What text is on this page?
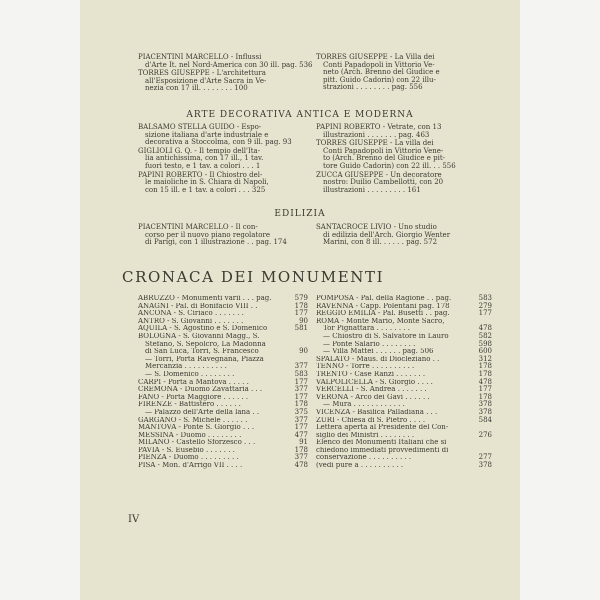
PIACENTINI MARCELLO - Influssi
d'Arte It. nel Nord-America con 30 ill. pag. 536
TORRES GIUSEPPE - L'architettura
all'Esposizione d'Arte Sacra in Ve-
nezia con 17 ill. . . . . . . . 100
TORRES GIUSEPPE - La Villa dei
Conti Papadopoli in Vittorio Ve-
neto (Arch. Brenno del Giudice e
pitt. Guido Cadorin) con 22 illu-
strazioni . . . . . . . . pag. 556
ARTE DECORATIVA ANTICA E MODERNA
BALSAMO STELLA GUIDO - Espo-
sizione italiana d'arte industriale e
decorativa a Stoccolma, con 9 ill. pag. 93
GIGLIOLI G. Q. - Il tempio dell'Ita-
lia antichissima, con 17 ill., 1 tav.
fuori testo, e 1 tav. a colori . . . 1
PAPINI ROBERTO - Il Chiostro del-
le maioliche in S. Chiara di Napoli,
con 15 ill. e 1 tav. a colori . . . 325
PAPINI ROBERTO - Vetrate, con 13
illustrazioni . . . . . . . pag. 463
TORRES GIUSEPPE - La villa dei
Conti Papadopoli in Vittorio Vene-
to (Arch. Brenno del Giudice e pit-
tore Guido Cadorin) con 22 ill. . . 556
ZUCCA GIUSEPPE - Un decoratore
nostro: Duilio Cambellotti, con 20
illustrazioni . . . . . . . . . 161
EDILIZIA
PIACENTINI MARCELLO - Il con-
corso per il nuovo piano regolatore
di Parigi, con 1 illustrazione . . pag. 174
SANTACROCE LIVIO - Uno studio
di edilizia dell'Arch. Giorgio Wenter
Marini, con 8 ill. . . . . . pag. 572
CRONACA DEI MONUMENTI
ABRUZZO - Monumenti varii . . . pag.	579
ANAGNI - Pal. di Bonifacio VIII . .	178
ANCONA - S. Ciriaco . . . . . . .	177
ANTRO - S. Giovanni . . . . . . .	90
AQUILA - S. Agostino e S. Domenico	581
BOLOGNA - S. Giovanni Magg., S.
Stefano, S. Sepolcro, La Madonna
di San Luca, Torri, S. Francesco	90
— Torri, Porta Ravegnana, Piazza
Mercanzia . . . . . . . . . .	377
— S. Domenico . . . . . . . .	583
CARPI - Porta a Mantova . . . . .	177
CREMONA - Duomo Zavattaria . . .	377
FANO - Porta Maggiore . . . . . .	177
FIRENZE - Battistero . . . . . .	178
— Palazzo dell'Arte della lana . .	375
GARGANO - S. Michele . . . . . .	377
MANTOVA - Ponte S. Giorgio . . .	177
MESSINA - Duomo . . . . . . . .	477
MILANO - Castello Sforzesco . . .	91
PAVIA - S. Eusebio . . . . . . .	178
PIENZA - Duomo . . . . . . . . .	377
PISA - Mon. d'Arrigo VII . . . .	478
POMPOSA - Pal. della Ragione . . pag.	583
RAVENNA - Capp. Polentani pag. 178	279
REGGIO EMILIA - Pal. Busetti . . pag.	177
ROMA - Monte Mario, Monte Sacro,
Tor Pignattara . . . . . . . .	478
— Chiostro di S. Salvatore in Lauro	582
— Ponte Salario . . . . . . . .	598
— Villa Mattei . . . . . . pag. 506	600
SPALATO - Maus. di Diocleziano . .	312
TENNO - Torre . . . . . . . . . .	178
TRENTO - Case Ranzi . . . . . . .	178
VALPOLICELLA - S. Giorgio . . . .	478
VERCELLI - S. Andrea . . . . . . .	177
VERONA - Arco dei Gavi . . . . . .	178
— Mura . . . . . . . . . . . .	378
VICENZA - Basilica Palladiana . . .	378
ZURI - Chiesa di S. Pietro . . . .	584
Lettera aperta al Presidente del Con-
siglio dei Ministri . . . . . . . .	276
Elenco dei Monumenti Italiani che si
chiedono immediati provvedimenti di
conservazione . . . . . . . . . .	277
(vedi pure a . . . . . . . . . .	378
IV
